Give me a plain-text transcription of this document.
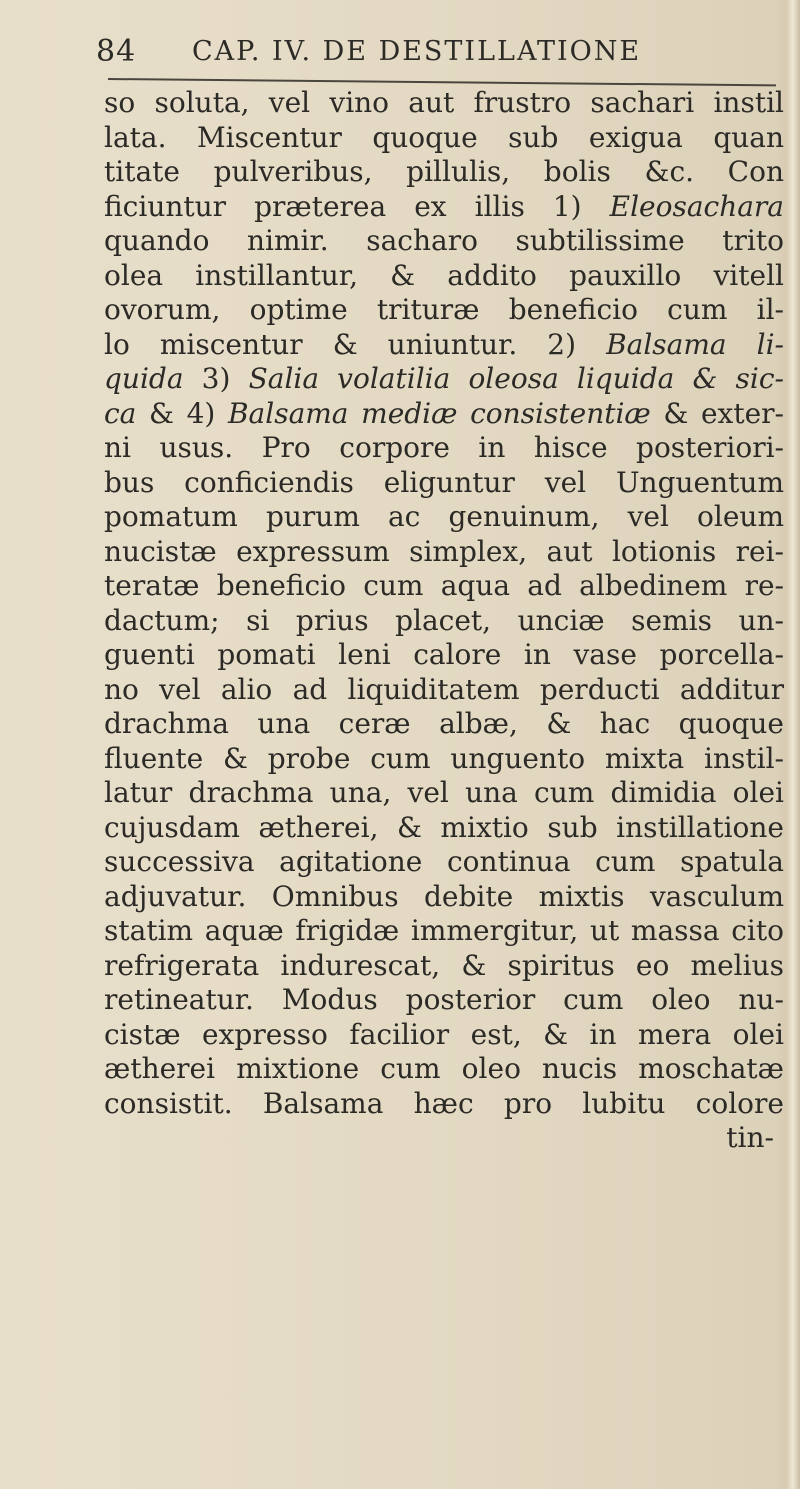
84 CAP. IV. DE DESTILLATIONE
so soluta, vel vino aut frustro sachari instil
lata. Miscentur quoque sub exigua quan
titate pulveribus, pillulis, bolis &c. Con
ficiuntur præterea ex illis 1) Eleosachara
quando nimir. sacharo subtilissime trito
olea instillantur, & addito pauxillo vitell
ovorum, optime trituræ beneficio cum il-
lo miscentur & uniuntur. 2) Balsama li-
quida 3) Salia volatilia oleosa liquida & sic-
ca & 4) Balsama mediæ consistentiæ & exter-
ni usus. Pro corpore in hisce posteriori-
bus conficiendis eliguntur vel Unguentum
pomatum purum ac genuinum, vel oleum
nucistæ expressum simplex, aut lotionis rei-
teratæ beneficio cum aqua ad albedinem re-
dactum; si prius placet, unciæ semis un-
guenti pomati leni calore in vase porcella-
no vel alio ad liquiditatem perducti additur
drachma una ceræ albæ, & hac quoque
fluente & probe cum unguento mixta instil-
latur drachma una, vel una cum dimidia olei
cujusdam ætherei, & mixtio sub instillatione
successiva agitatione continua cum spatula
adjuvatur. Omnibus debite mixtis vasculum
statim aquæ frigidæ immergitur, ut massa cito
refrigerata indurescat, & spiritus eo melius
retineatur. Modus posterior cum oleo nu-
cistæ expresso facilior est, & in mera olei
ætherei mixtione cum oleo nucis moschatæ
consistit. Balsama hæc pro lubitu colore
tin-
